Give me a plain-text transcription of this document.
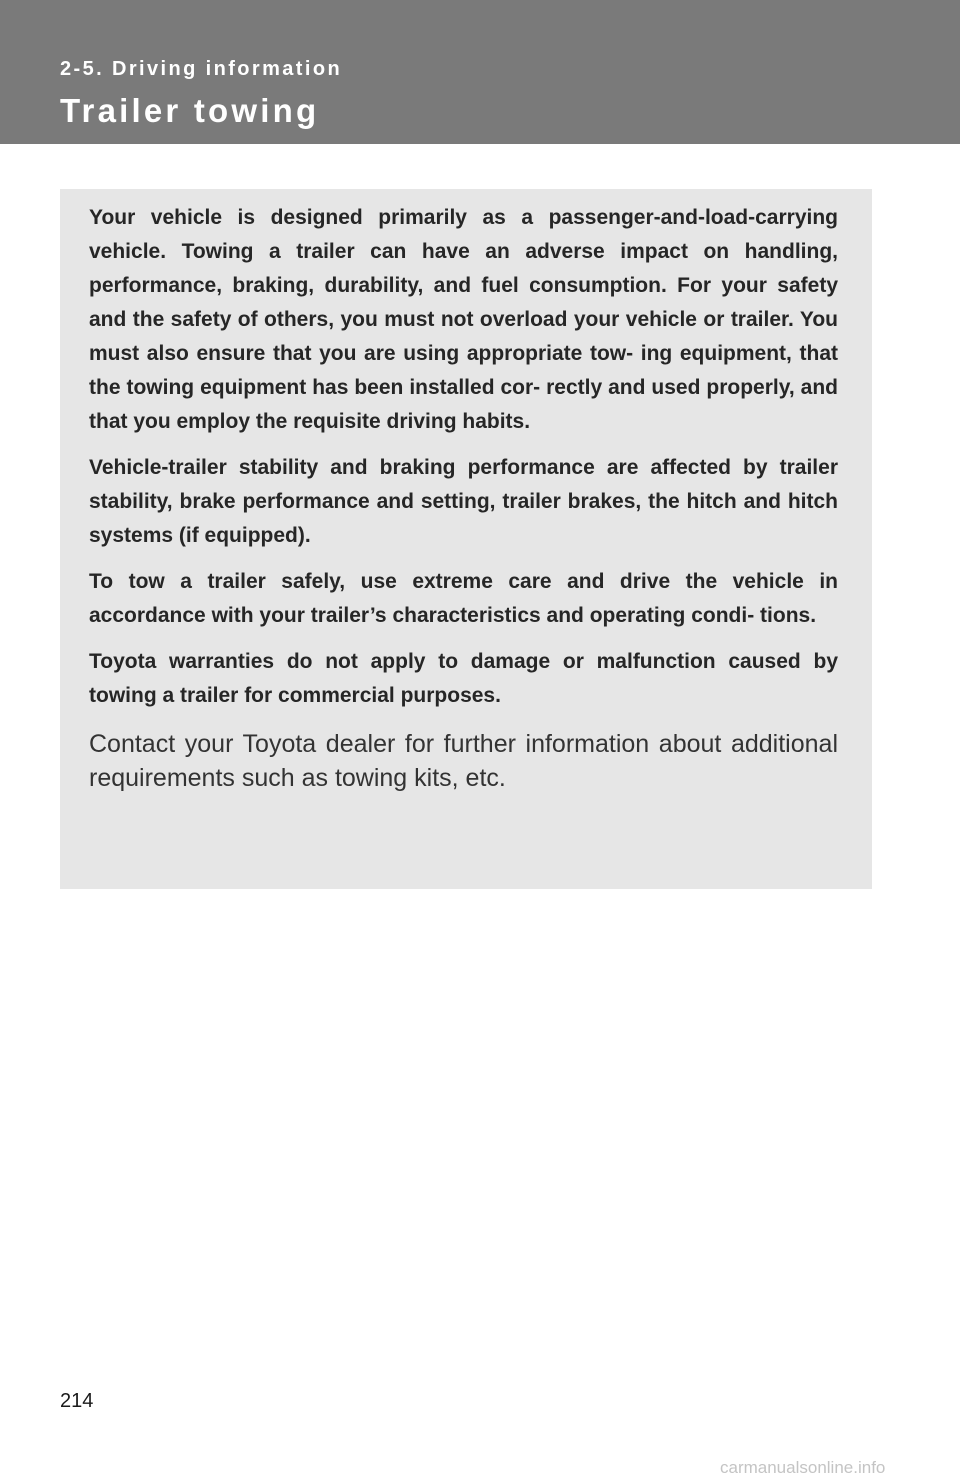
2-5. Driving information
Trailer towing

Your vehicle is designed primarily as a passenger-and-load-carrying vehicle. Towing a trailer can have an adverse impact on handling, performance, braking, durability, and fuel consumption. For your safety and the safety of others, you must not overload your vehicle or trailer. You must also ensure that you are using appropriate tow- ing equipment, that the towing equipment has been installed cor- rectly and used properly, and that you employ the requisite driving habits.

Vehicle-trailer stability and braking performance are affected by trailer stability, brake performance and setting, trailer brakes, the hitch and hitch systems (if equipped).

To tow a trailer safely, use extreme care and drive the vehicle in accordance with your trailer’s characteristics and operating condi- tions.

Toyota warranties do not apply to damage or malfunction caused by towing a trailer for commercial purposes.

Contact your Toyota dealer for further information about additional requirements such as towing kits, etc.

214
carmanualsonline.info
